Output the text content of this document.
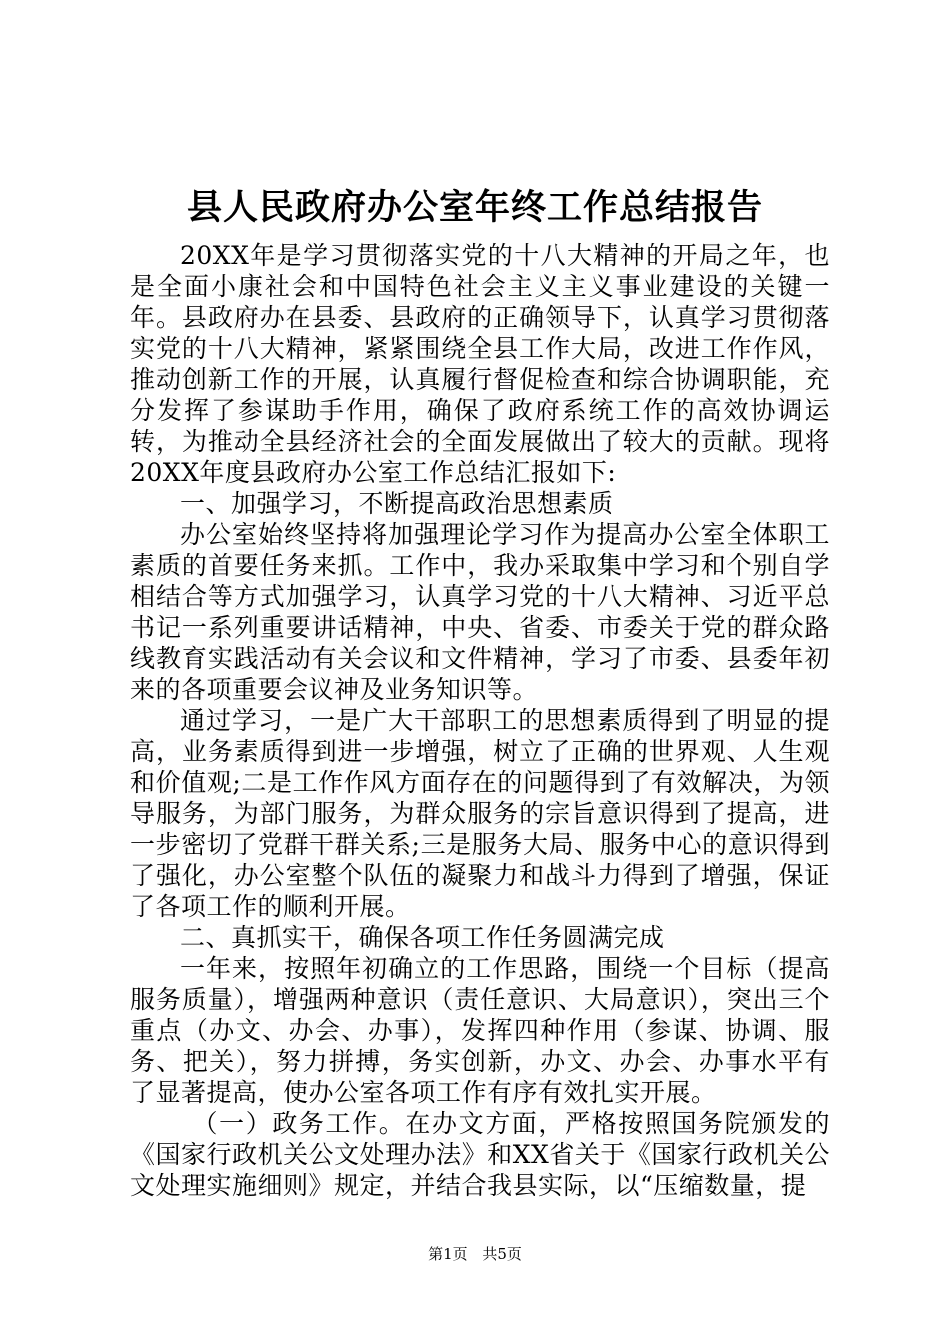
县人民政府办公室年终工作总结报告

20XX年是学习贯彻落实党的十八大精神的开局之年，也是全面小康社会和中国特色社会主义主义事业建设的关键一年。县政府办在县委、县政府的正确领导下，认真学习贯彻落实党的十八大精神，紧紧围绕全县工作大局，改进工作作风，推动创新工作的开展，认真履行督促检查和综合协调职能，充分发挥了参谋助手作用，确保了政府系统工作的高效协调运转，为推动全县经济社会的全面发展做出了较大的贡献。现将20XX年度县政府办公室工作总结汇报如下:

一、加强学习，不断提高政治思想素质

办公室始终坚持将加强理论学习作为提高办公室全体职工素质的首要任务来抓。工作中，我办采取集中学习和个别自学相结合等方式加强学习，认真学习党的十八大精神、习近平总书记一系列重要讲话精神，中央、省委、市委关于党的群众路线教育实践活动有关会议和文件精神，学习了市委、县委年初来的各项重要会议神及业务知识等。

通过学习，一是广大干部职工的思想素质得到了明显的提高，业务素质得到进一步增强，树立了正确的世界观、人生观和价值观;二是工作作风方面存在的问题得到了有效解决，为领导服务，为部门服务，为群众服务的宗旨意识得到了提高，进一步密切了党群干群关系;三是服务大局、服务中心的意识得到了强化，办公室整个队伍的凝聚力和战斗力得到了增强，保证了各项工作的顺利开展。

二、真抓实干，确保各项工作任务圆满完成

一年来，按照年初确立的工作思路，围绕一个目标（提高服务质量），增强两种意识（责任意识、大局意识），突出三个重点（办文、办会、办事），发挥四种作用（参谋、协调、服务、把关），努力拼搏，务实创新，办文、办会、办事水平有了显著提高，使办公室各项工作有序有效扎实开展。

（一）政务工作。在办文方面，严格按照国务院颁发的《国家行政机关公文处理办法》和XX省关于《国家行政机关公文处理实施细则》规定，并结合我县实际，以“压缩数量，提

第1页 共5页
